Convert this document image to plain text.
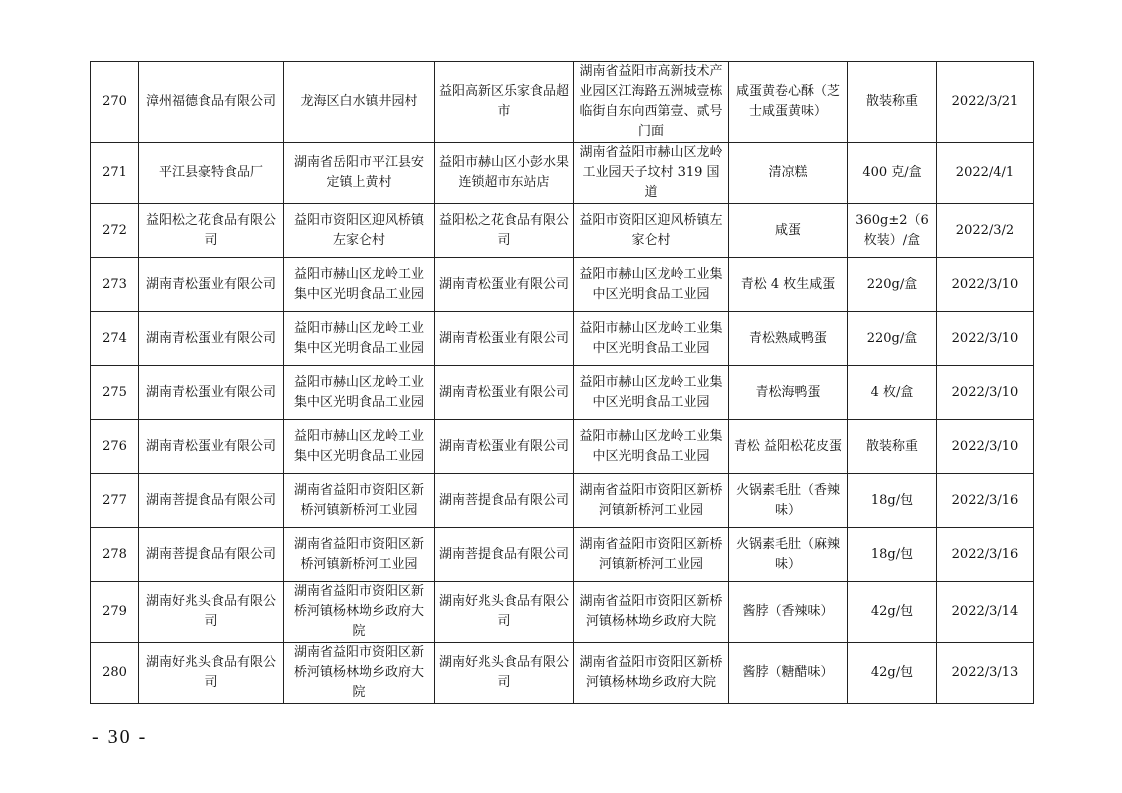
270	漳州福德食品有限公司	龙海区白水镇井园村	益阳高新区乐家食品超市	湖南省益阳市高新技术产业园区江海路五洲城壹栋临街自东向西第壹、贰号门面	咸蛋黄卷心酥（芝士咸蛋黄味）	散装称重	2022/3/21
271	平江县豪特食品厂	湖南省岳阳市平江县安定镇上黄村	益阳市赫山区小彭水果连锁超市东站店	湖南省益阳市赫山区龙岭工业园天子坟村 319 国道	清凉糕	400 克/盒	2022/4/1
272	益阳松之花食品有限公司	益阳市资阳区迎风桥镇左家仑村	益阳松之花食品有限公司	益阳市资阳区迎风桥镇左家仑村	咸蛋	360g±2（6 枚装）/盒	2022/3/2
273	湖南青松蛋业有限公司	益阳市赫山区龙岭工业集中区光明食品工业园	湖南青松蛋业有限公司	益阳市赫山区龙岭工业集中区光明食品工业园	青松 4 枚生咸蛋	220g/盒	2022/3/10
274	湖南青松蛋业有限公司	益阳市赫山区龙岭工业集中区光明食品工业园	湖南青松蛋业有限公司	益阳市赫山区龙岭工业集中区光明食品工业园	青松熟咸鸭蛋	220g/盒	2022/3/10
275	湖南青松蛋业有限公司	益阳市赫山区龙岭工业集中区光明食品工业园	湖南青松蛋业有限公司	益阳市赫山区龙岭工业集中区光明食品工业园	青松海鸭蛋	4 枚/盒	2022/3/10
276	湖南青松蛋业有限公司	益阳市赫山区龙岭工业集中区光明食品工业园	湖南青松蛋业有限公司	益阳市赫山区龙岭工业集中区光明食品工业园	青松 益阳松花皮蛋	散装称重	2022/3/10
277	湖南菩提食品有限公司	湖南省益阳市资阳区新桥河镇新桥河工业园	湖南菩提食品有限公司	湖南省益阳市资阳区新桥河镇新桥河工业园	火锅素毛肚（香辣味）	18g/包	2022/3/16
278	湖南菩提食品有限公司	湖南省益阳市资阳区新桥河镇新桥河工业园	湖南菩提食品有限公司	湖南省益阳市资阳区新桥河镇新桥河工业园	火锅素毛肚（麻辣味）	18g/包	2022/3/16
279	湖南好兆头食品有限公司	湖南省益阳市资阳区新桥河镇杨林坳乡政府大院	湖南好兆头食品有限公司	湖南省益阳市资阳区新桥河镇杨林坳乡政府大院	酱脖（香辣味）	42g/包	2022/3/14
280	湖南好兆头食品有限公司	湖南省益阳市资阳区新桥河镇杨林坳乡政府大院	湖南好兆头食品有限公司	湖南省益阳市资阳区新桥河镇杨林坳乡政府大院	酱脖（糖醋味）	42g/包	2022/3/13
- 30 -
